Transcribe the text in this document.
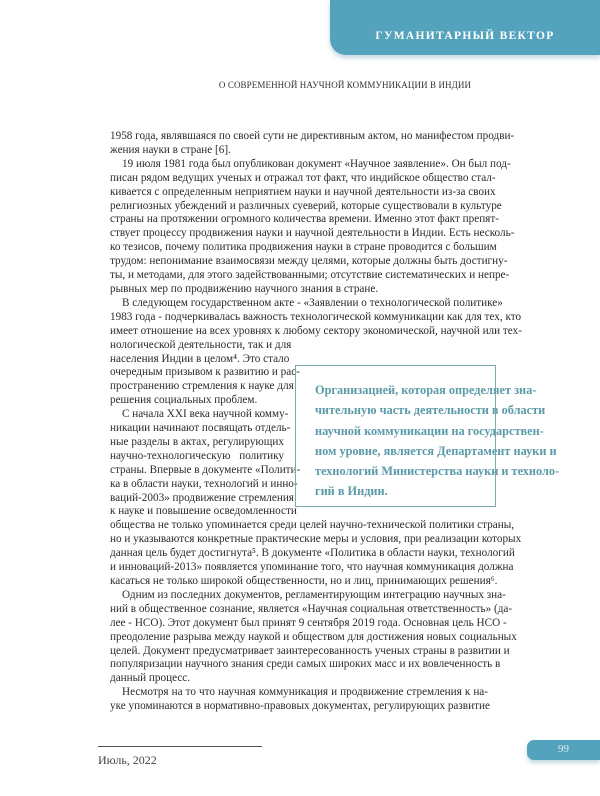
ГУМАНИТАРНЫЙ ВЕКТОР
О СОВРЕМЕННОЙ НАУЧНОЙ КОММУНИКАЦИИ В ИНДИИ
1958 года, являвшаяся по своей сути не директивным актом, но манифестом продви-
жения науки в стране [6].
19 июля 1981 года был опубликован документ «Научное заявление». Он был под-
писан рядом ведущих ученых и отражал тот факт, что индийское общество стал-
кивается с определенным неприятием науки и научной деятельности из-за своих
религиозных убеждений и различных суеверий, которые существовали в культуре
страны на протяжении огромного количества времени. Именно этот факт препят-
ствует процессу продвижения науки и научной деятельности в Индии. Есть несколь-
ко тезисов, почему политика продвижения науки в стране проводится с большим
трудом: непонимание взаимосвязи между целями, которые должны быть достигну-
ты, и методами, для этого задействованными; отсутствие систематических и непре-
рывных мер по продвижению научного знания в стране.
В следующем государственном акте - «Заявлении о технологической политике»
1983 года - подчеркивалась важность технологической коммуникации как для тех, кто
имеет отношение на всех уровнях к любому сектору экономической, научной или тех-
нологической деятельности, так и для
населения Индии в целом⁴. Это стало
очередным призывом к развитию и рас-
пространению стремления к науке для
решения социальных проблем.
С начала XXI века научной комму-
никации начинают посвящать отдель-
ные разделы в актах, регулирующих
научно-технологическую политику
страны. Впервые в документе «Полити-
ка в области науки, технологий и инно-
ваций-2003» продвижение стремления
к науке и повышение осведомленности
общества не только упоминается среди целей научно-технической политики страны,
но и указываются конкретные практические меры и условия, при реализации которых
данная цель будет достигнута⁵. В документе «Политика в области науки, технологий
и инноваций-2013» появляется упоминание того, что научная коммуникация должна
касаться не только широкой общественности, но и лиц, принимающих решения⁶.
Одним из последних документов, регламентирующим интеграцию научных зна-
ний в общественное сознание, является «Научная социальная ответственность» (да-
лее - НСО). Этот документ был принят 9 сентября 2019 года. Основная цель НСО -
преодоление разрыва между наукой и обществом для достижения новых социальных
целей. Документ предусматривает заинтересованность ученых страны в развитии и
популяризации научного знания среди самых широких масс и их вовлеченность в
данный процесс.
Несмотря на то что научная коммуникация и продвижение стремления к на-
уке упоминаются в нормативно-правовых документах, регулирующих развитие

Организацией, которая определяет зна-
чительную часть деятельности в области
научной коммуникации на государствен-
ном уровне, является Департамент науки и
технологий Министерства науки и техноло-
гий в Индии.

Июль, 2022
99
